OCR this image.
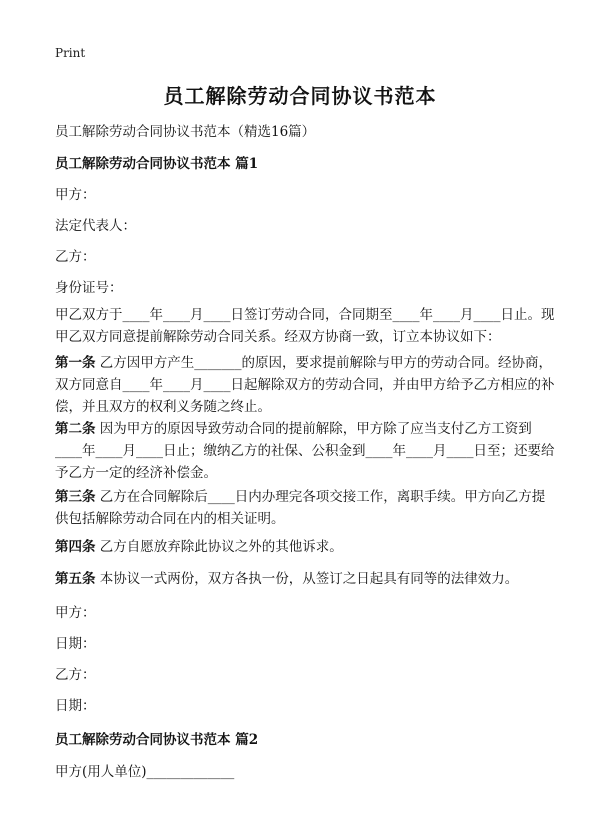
Print
员工解除劳动合同协议书范本
员工解除劳动合同协议书范本（精选16篇）
员工解除劳动合同协议书范本 篇1
甲方：
法定代表人：
乙方：
身份证号：
甲乙双方于____年____月____日签订劳动合同，合同期至____年____月____日止。现甲乙双方同意提前解除劳动合同关系。经双方协商一致，订立本协议如下：
第一条 乙方因甲方产生_______的原因，要求提前解除与甲方的劳动合同。经协商，双方同意自____年____月____日起解除双方的劳动合同，并由甲方给予乙方相应的补偿，并且双方的权利义务随之终止。
第二条 因为甲方的原因导致劳动合同的提前解除，甲方除了应当支付乙方工资到____年____月____日止；缴纳乙方的社保、公积金到____年____月____日至；还要给予乙方一定的经济补偿金。
第三条 乙方在合同解除后____日内办理完各项交接工作，离职手续。甲方向乙方提供包括解除劳动合同在内的相关证明。
第四条 乙方自愿放弃除此协议之外的其他诉求。
第五条 本协议一式两份，双方各执一份，从签订之日起具有同等的法律效力。
甲方：
日期：
乙方：
日期：
员工解除劳动合同协议书范本 篇2
甲方(用人单位)_____________
